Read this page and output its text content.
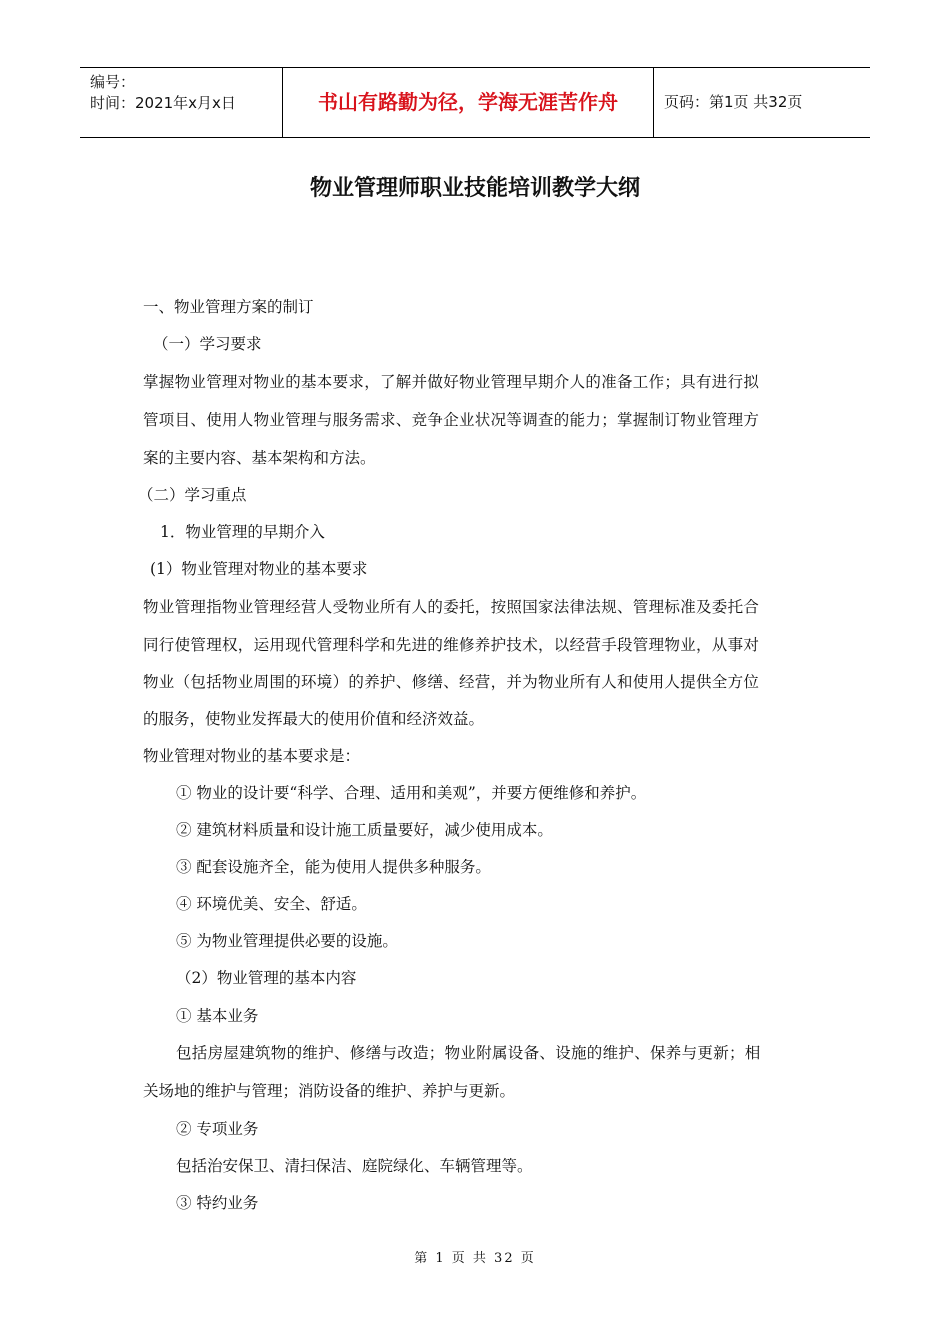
编号：
时间：2021年x月x日	书山有路勤为径，学海无涯苦作舟	页码：第1页 共32页
物业管理师职业技能培训教学大纲
一、物业管理方案的制订
（一）学习要求
掌握物业管理对物业的基本要求，了解并做好物业管理早期介人的准备工作；具有进行拟
管项目、使用人物业管理与服务需求、竞争企业状况等调查的能力；掌握制订物业管理方
案的主要内容、基本架构和方法。
（二）学习重点
1．物业管理的早期介入
(1）物业管理对物业的基本要求
物业管理指物业管理经营人受物业所有人的委托，按照国家法律法规、管理标准及委托合
同行使管理权，运用现代管理科学和先进的维修养护技术，以经营手段管理物业，从事对
物业（包括物业周围的环境）的养护、修缮、经营，并为物业所有人和使用人提供全方位
的服务，使物业发挥最大的使用价值和经济效益。
物业管理对物业的基本要求是：
① 物业的设计要“科学、合理、适用和美观”，并要方便维修和养护。
② 建筑材料质量和设计施工质量要好，减少使用成本。
③ 配套设施齐全，能为使用人提供多种服务。
④ 环境优美、安全、舒适。
⑤ 为物业管理提供必要的设施。
（2）物业管理的基本内容
① 基本业务
包括房屋建筑物的维护、修缮与改造；物业附属设备、设施的维护、保养与更新；相
关场地的维护与管理；消防设备的维护、养护与更新。
② 专项业务
包括治安保卫、清扫保洁、庭院绿化、车辆管理等。
③ 特约业务
第 1 页 共 32 页
